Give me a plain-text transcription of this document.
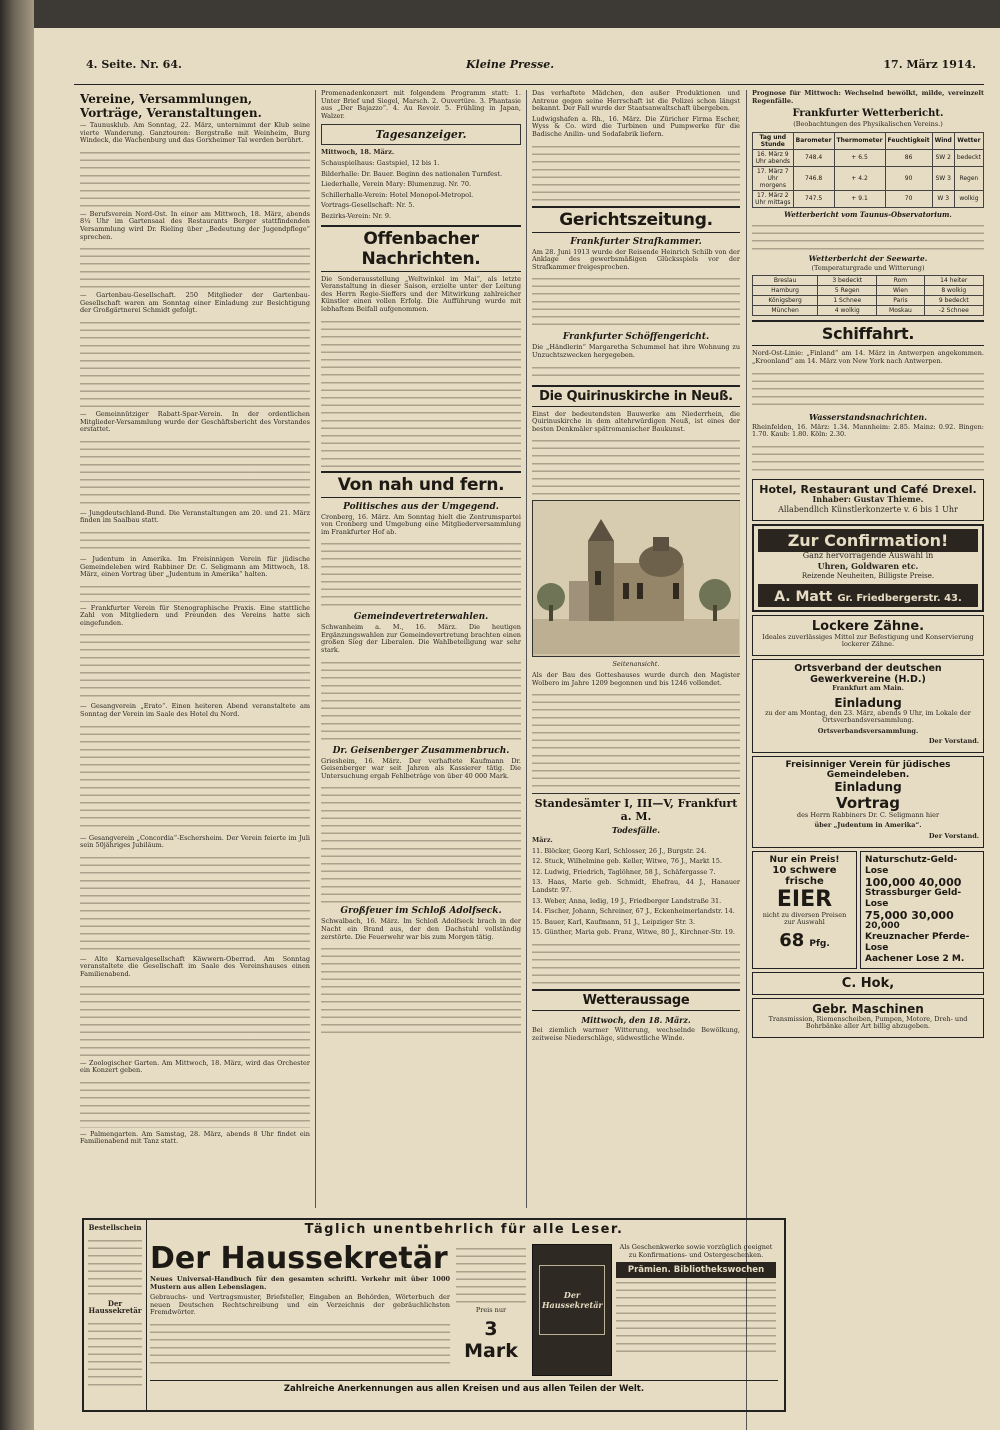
4. Seite. Nr. 64.	Kleine Presse.	17. März 1914.
Vereine, Versammlungen, Vorträge, Veranstaltungen.

— Taunusklub. Am Sonntag, 22. März, unternimmt der Klub seine vierte Wanderung. Ganztouren: Bergstraße mit Weinheim, Burg Windeck, die Wachenburg und das Gorxheimer Tal werden berührt.

— Berufsverein Nord-Ost. In einer am Mittwoch, 18. März, abends 8¼ Uhr im Gartensaal des Restaurants Berger stattfindenden Versammlung wird Dr. Rieling über „Bedeutung der Jugendpflege“ sprechen.

— Gartenbau-Gesellschaft. 250 Mitglieder der Gartenbau-Gesellschaft waren am Sonntag einer Einladung zur Besichtigung der Großgärtnerei Schmidt gefolgt.

— Gemeinnütziger Rabatt-Spar-Verein. In der ordentlichen Mitglieder-Versammlung wurde der Geschäftsbericht des Vorstandes erstattet.

— Jungdeutschland-Bund. Die Veranstaltungen am 20. und 21. März finden im Saalbau statt.

— Judentum in Amerika. Im Freisinnigen Verein für jüdische Gemeindeleben wird Rabbiner Dr. C. Seligmann am Mittwoch, 18. März, einen Vortrag über „Judentum in Amerika“ halten.

— Frankfurter Verein für Stenographische Praxis. Eine stattliche Zahl von Mitgliedern und Freunden des Vereins hatte sich eingefunden.

— Gesangverein „Erato“. Einen heiteren Abend veranstaltete am Sonntag der Verein im Saale des Hotel du Nord.

— Gesangverein „Concordia“-Eschersheim. Der Verein feierte im Juli sein 50jähriges Jubiläum.

— Alte Karnevalgesellschaft Käwwern-Oberrad. Am Sonntag veranstaltete die Gesellschaft im Saale des Vereinshauses einen Familienabend.

— Zoologischer Garten. Am Mittwoch, 18. März, wird das Orchester ein Konzert geben.

— Palmengarten. Am Samstag, 28. März, abends 8 Uhr findet ein Familienabend mit Tanz statt.

Promenadenkonzert mit folgendem Programm statt: 1. Unter Brief und Siegel, Marsch. 2. Ouvertüre. 3. Phantasie aus „Der Bajazzo“. 4. Au Revoir. 5. Frühling in Japan, Walzer.

Tagesanzeiger.

Mittwoch, 18. März.

Schauspielhaus: Gastspiel, 12 bis 1.

Bilderhalle: Dr. Bauer. Beginn des nationalen Turnfest.

Liederhalle, Verein Mary: Blumenzug. Nr. 70.

Schillerhalle-Verein: Hotel Monopol-Metropol.

Vortrags-Gesellschaft: Nr. 5.

Bezirks-Verein: Nr. 9.

Offenbacher Nachrichten.

Die Sonderausstellung „Weltwinkel im Mai“, als letzte Veranstaltung in dieser Saison, erzielte unter der Leitung des Herrn Regie-Sieffers und der Mitwirkung zahlreicher Künstler einen vollen Erfolg. Die Aufführung wurde mit lebhaftem Beifall aufgenommen.

Von nah und fern.
Politisches aus der Umgegend.

Cronberg, 16. März. Am Sonntag hielt die Zentrumspartei von Cronberg und Umgebung eine Mitgliederversammlung im Frankfurter Hof ab.

Gemeindevertreterwahlen.

Schwanheim a. M., 16. März. Die heutigen Ergänzungswahlen zur Gemeindevertretung brachten einen großen Sieg der Liberalen. Die Wahlbeteiligung war sehr stark.

Dr. Geisenberger Zusammenbruch.

Griesheim, 16. März. Der verhaftete Kaufmann Dr. Geisenberger war seit Jahren als Kassierer tätig. Die Untersuchung ergab Fehlbeträge von über 40 000 Mark.

Großfeuer im Schloß Adolfseck.

Schwalbach, 16. März. Im Schloß Adolfseck brach in der Nacht ein Brand aus, der den Dachstuhl vollständig zerstörte. Die Feuerwehr war bis zum Morgen tätig.

Das verhaftete Mädchen, den außer Produktionen und Antreue gegen seine Herrschaft ist die Polizei schon längst bekannt. Der Fall wurde der Staatsanwaltschaft übergeben.

Ludwigshafen a. Rh., 16. März. Die Züricher Firma Escher, Wyss & Co. wird die Turbinen und Pumpwerke für die Badische Anilin- und Sodafabrik liefern.

Gerichtszeitung.
Frankfurter Strafkammer.

Am 28. Juni 1913 wurde der Reisende Heinrich Schilb von der Anklage des gewerbsmäßigen Glücksspiels vor der Strafkammer freigesprochen.

Frankfurter Schöffengericht.

Die „Händlerin“ Margaretha Schummel hat ihre Wohnung zu Unzuchtszwecken hergegeben.

Die Quirinuskirche in Neuß.

Einst der bedeutendsten Bauwerke am Niederrhein, die Quirinuskirche in dem altehrwürdigen Neuß, ist eines der besten Denkmäler spätromanischer Baukunst.

Seitenansicht.

Als der Bau des Gotteshauses wurde durch den Magister Wolbero im Jahre 1209 begonnen und bis 1246 vollendet.

Standesämter I, III—V, Frankfurt a. M.
Todesfälle.
März.

11. Blöcker, Georg Karl, Schlosser, 26 J., Burgstr. 24.

12. Stuck, Wilhelmine geb. Keller, Witwe, 76 J., Markt 15.

12. Ludwig, Friedrich, Taglöhner, 58 J., Schäfergasse 7.

13. Haas, Marie geb. Schmidt, Ehefrau, 44 J., Hanauer Landstr. 97.

13. Weber, Anna, ledig, 19 J., Friedberger Landstraße 31.

14. Fischer, Johann, Schreiner, 67 J., Eckenheimerlandstr. 14.

15. Bauer, Karl, Kaufmann, 51 J., Leipziger Str. 3.

15. Günther, Maria geb. Franz, Witwe, 80 J., Kirchner-Str. 19.

Wetteraussage
Mittwoch, den 18. März.

Bei ziemlich warmer Witterung, wechselnde Bewölkung, zeitweise Niederschläge, südwestliche Winde.

Prognose für Mittwoch: Wechselnd bewölkt, milde, vereinzelt Regenfälle.

Frankfurter Wetterbericht.
(Beobachtungen des Physikalischen Vereins.)
Tag und Stunde	Barometer	Thermometer	Feuchtigkeit	Wind	Wetter
16. März 9 Uhr abends	748.4	+ 6.5	86	SW 2	bedeckt
17. März 7 Uhr morgens	746.8	+ 4.2	90	SW 3	Regen
17. März 2 Uhr mittags	747.5	+ 9.1	70	W 3	wolkig
Wetterbericht vom Taunus-Observatorium.
Wetterbericht der Seewarte.
(Temperaturgrade und Witterung)
Breslau	3 bedeckt	Rom	14 heiter
Hamburg	5 Regen	Wien	8 wolkig
Königsberg	1 Schnee	Paris	9 bedeckt
München	4 wolkig	Moskau	-2 Schnee
Schiffahrt.

Nord-Ost-Linie: „Finland“ am 14. März in Antwerpen angekommen. „Kroonland“ am 14. März von New York nach Antwerpen.

Wasserstandsnachrichten.

Rheinfelden, 16. März: 1.34. Mannheim: 2.85. Mainz: 0.92. Bingen: 1.70. Kaub: 1.80. Köln: 2.30.

Hotel, Restaurant und Café Drexel.
Inhaber: Gustav Thieme.
Allabendlich Künstlerkonzerte v. 6 bis 1 Uhr
Zur Confirmation!
Ganz hervorragende Auswahl in
Uhren, Goldwaren etc.
Reizende Neuheiten, Billigste Preise.
A. Matt Gr. Friedbergerstr. 43.
Lockere Zähne.

Ideales zuverlässiges Mittel zur Befestigung und Konservierung lockerer Zähne.

Ortsverband der deutschen Gewerkvereine (H.D.)
Frankfurt am Main.
Einladung

zu der am Montag, den 23. März, abends 9 Uhr, im Lokale der Ortsverbandsversammlung.

Ortsverbandsversammlung.
Der Vorstand.
Freisinniger Verein für jüdisches Gemeindeleben.
Einladung
Vortrag
des Herrn Rabbiners Dr. C. Seligmann hier
über „Judentum in Amerika“.
Der Vorstand.
Nur ein Preis!
10 schwere frische
EIER
nicht zu diversen Preisen zur Auswahl
68 Pfg.
Naturschutz-Geld-Lose
100,000 40,000
Strassburger Geld-Lose
75,000 30,000
20,000
Kreuznacher Pferde-Lose
Aachener Lose 2 M.
C. Hok,
Gebr. Maschinen

Transmission, Riemenscheiben, Pumpen, Motore, Dreh- und Bohrbänke aller Art billig abzugeben.

Bestellschein
Der Haussekretär
Täglich unentbehrlich für alle Leser.
Der Haussekretär

Neues Universal-Handbuch für den gesamten schriftl. Verkehr mit über 1000 Mustern aus allen Lebenslagen.

Gebrauchs- und Vertragsmuster, Briefsteller, Eingaben an Behörden, Wörterbuch der neuen Deutschen Rechtschreibung und ein Verzeichnis der gebräuchlichsten Fremdwörter.	Preis nur
3 Mark
Der Haussekretär

Als Geschenkwerke sowie vorzüglich geeignet zu Konfirmations- und Ostergeschenken.

Prämien. Bibliothekswochen
Zahlreiche Anerkennungen aus allen Kreisen und aus allen Teilen der Welt.
